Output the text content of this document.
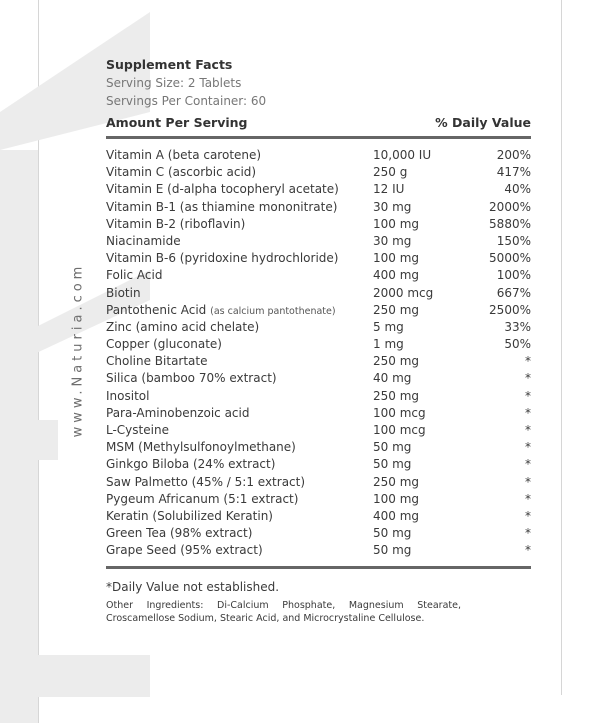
www.Naturia.com
Supplement Facts
Serving Size: 2 Tablets
Servings Per Container: 60
Amount Per Serving	% Daily Value
Vitamin A (beta carotene)	10,000 IU	200%
Vitamin C (ascorbic acid)	250 g	417%
Vitamin E (d-alpha tocopheryl acetate)	12 IU	40%
Vitamin B-1 (as thiamine mononitrate)	30 mg	2000%
Vitamin B-2 (riboflavin)	100 mg	5880%
Niacinamide	30 mg	150%
Vitamin B-6 (pyridoxine hydrochloride)	100 mg	5000%
Folic Acid	400 mg	100%
Biotin	2000 mcg	667%
Pantothenic Acid (as calcium pantothenate)	250 mg	2500%
Zinc (amino acid chelate)	5 mg	33%
Copper (gluconate)	1 mg	50%
Choline Bitartate	250 mg	*
Silica (bamboo 70% extract)	40 mg	*
Inositol	250 mg	*
Para-Aminobenzoic acid	100 mcg	*
L-Cysteine	100 mcg	*
MSM (Methylsulfonoylmethane)	50 mg	*
Ginkgo Biloba (24% extract)	50 mg	*
Saw Palmetto (45% / 5:1 extract)	250 mg	*
Pygeum Africanum (5:1 extract)	100 mg	*
Keratin (Solubilized Keratin)	400 mg	*
Green Tea (98% extract)	50 mg	*
Grape Seed (95% extract)	50 mg	*
*Daily Value not established.
Other Ingredients: Di-Calcium Phosphate, Magnesium Stearate, Croscamellose Sodium, Stearic Acid, and Microcrystaline Cellulose.
